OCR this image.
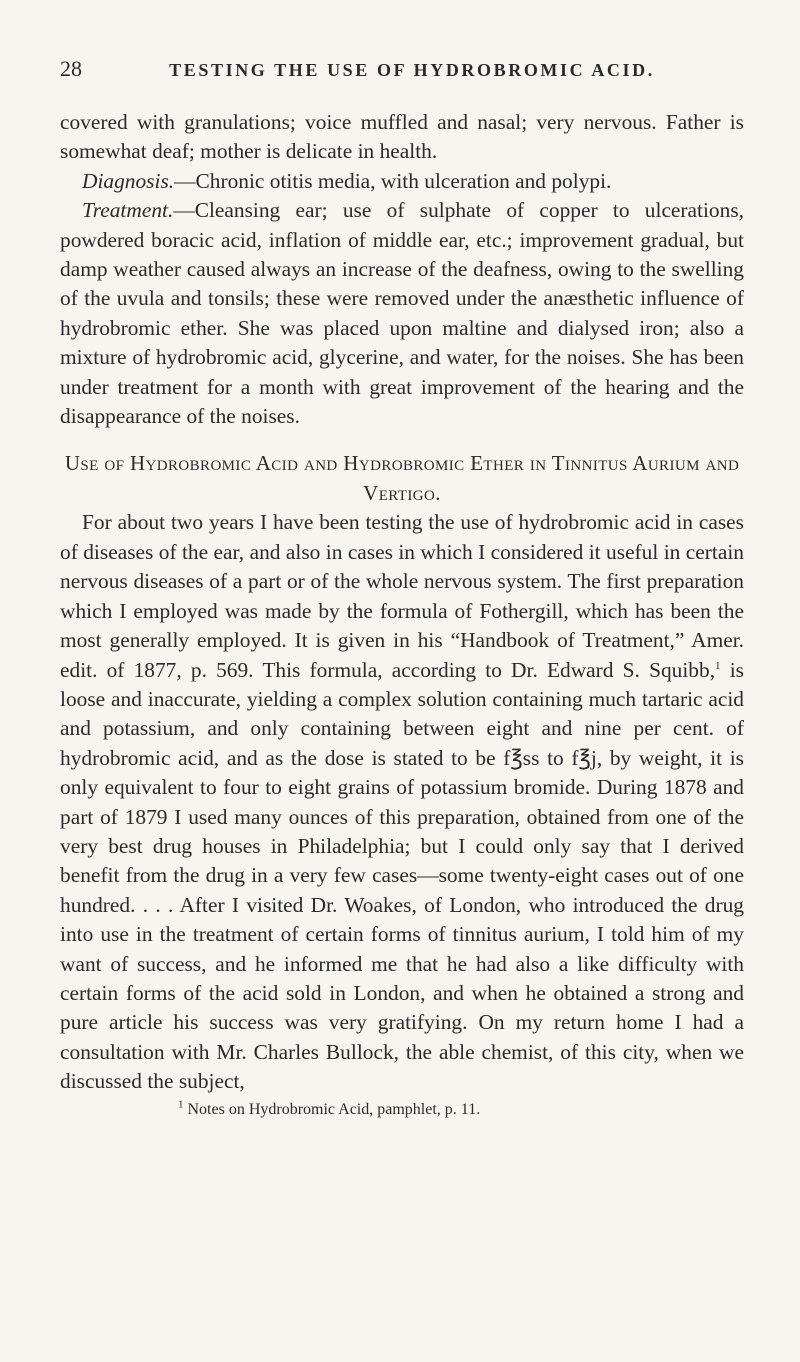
28	TESTING THE USE OF HYDROBROMIC ACID.

covered with granulations; voice muffled and nasal; very nervous. Father is somewhat deaf; mother is delicate in health.

Diagnosis.—Chronic otitis media, with ulceration and polypi.

Treatment.—Cleansing ear; use of sulphate of copper to ulcerations, powdered boracic acid, inflation of middle ear, etc.; improvement gradual, but damp weather caused always an increase of the deafness, owing to the swelling of the uvula and tonsils; these were removed under the anæsthetic influence of hydrobromic ether. She was placed upon maltine and dialysed iron; also a mixture of hydrobromic acid, glycerine, and water, for the noises. She has been under treatment for a month with great improvement of the hearing and the disappearance of the noises.

Use of Hydrobromic Acid and Hydrobromic Ether in Tinnitus Aurium and Vertigo.

For about two years I have been testing the use of hydrobromic acid in cases of diseases of the ear, and also in cases in which I considered it useful in certain nervous diseases of a part or of the whole nervous system. The first preparation which I employed was made by the formula of Fothergill, which has been the most generally employed. It is given in his “Handbook of Treatment,” Amer. edit. of 1877, p. 569. This formula, according to Dr. Edward S. Squibb,$^1$ is loose and inaccurate, yielding a complex solution containing much tartaric acid and potassium, and only containing between eight and nine per cent. of hydrobromic acid, and as the dose is stated to be f℥ss to f℥j, by weight, it is only equivalent to four to eight grains of potassium bromide. During 1878 and part of 1879 I used many ounces of this preparation, obtained from one of the very best drug houses in Philadelphia; but I could only say that I derived benefit from the drug in a very few cases—some twenty-eight cases out of one hundred. . . . After I visited Dr. Woakes, of London, who introduced the drug into use in the treatment of certain forms of tinnitus aurium, I told him of my want of success, and he informed me that he had also a like difficulty with certain forms of the acid sold in London, and when he obtained a strong and pure article his success was very gratifying. On my return home I had a consultation with Mr. Charles Bullock, the able chemist, of this city, when we discussed the subject,

$^1$ Notes on Hydrobromic Acid, pamphlet, p. 11.
